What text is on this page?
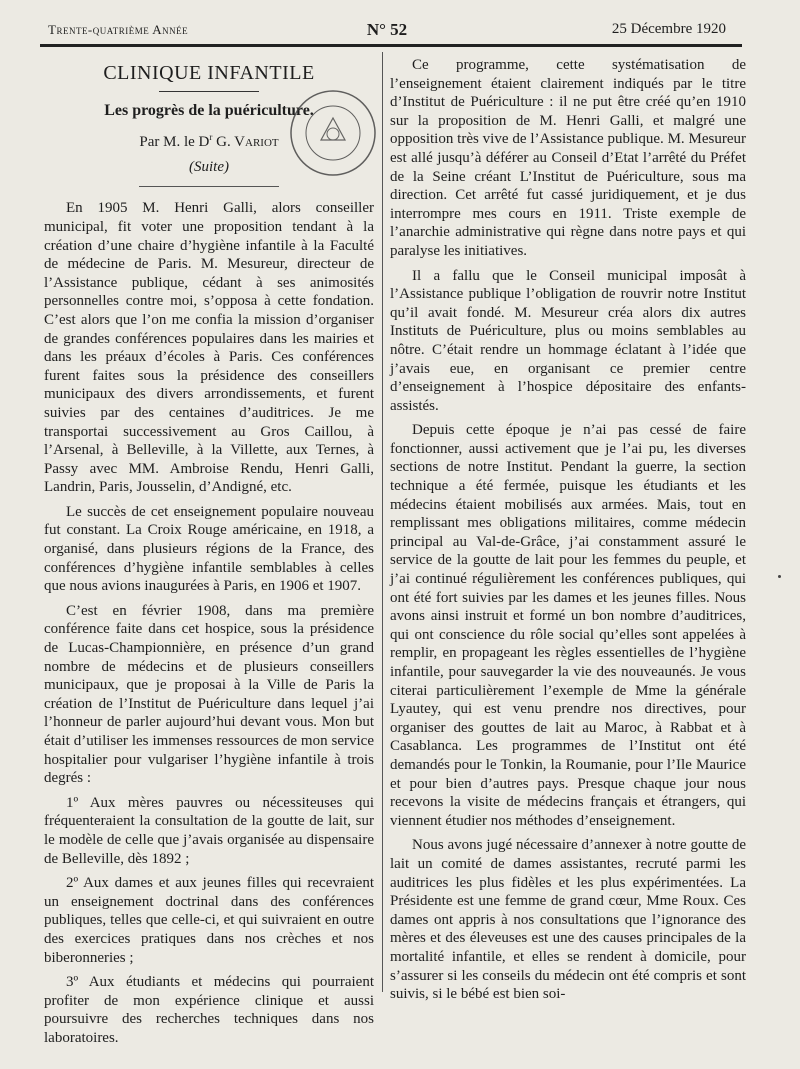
Trente-quatrième Année	N° 52	25 Décembre 1920
CLINIQUE INFANTILE
Les progrès de la puériculture.
Par M. le $D^r$ G. Variot
(Suite)

En 1905 M. Henri Galli, alors conseiller municipal, fit voter une proposition tendant à la création d’une chaire d’hygiène infantile à la Faculté de médecine de Paris. M. Mesureur, directeur de l’Assistance publique, cédant à ses animosités personnelles contre moi, s’opposa à cette fondation. C’est alors que l’on me confia la mission d’organiser de grandes conférences populaires dans les mairies et dans les préaux d’écoles à Paris. Ces conférences furent faites sous la présidence des conseillers municipaux des divers arrondissements, et furent suivies par des centaines d’auditrices. Je me transportai successivement au Gros Caillou, à l’Arsenal, à Belleville, à la Villette, aux Ternes, à Passy avec MM. Ambroise Rendu, Henri Galli, Landrin, Paris, Jousselin, d’Andigné, etc.

Le succès de cet enseignement populaire nouveau fut constant. La Croix Rouge américaine, en 1918, a organisé, dans plusieurs régions de la France, des conférences d’hygiène infantile semblables à celles que nous avions inaugurées à Paris, en 1906 et 1907.

C’est en février 1908, dans ma première conférence faite dans cet hospice, sous la présidence de Lucas-Championnière, en présence d’un grand nombre de médecins et de plusieurs conseillers municipaux, que je proposai à la Ville de Paris la création de l’Institut de Puériculture dans lequel j’ai l’honneur de parler aujourd’hui devant vous. Mon but était d’utiliser les immenses ressources de mon service hospitalier pour vulgariser l’hygiène infantile à trois degrés :

1º Aux mères pauvres ou nécessiteuses qui fréquenteraient la consultation de la goutte de lait, sur le modèle de celle que j’avais organisée au dispensaire de Belleville, dès 1892 ;

2º Aux dames et aux jeunes filles qui recevraient un enseignement doctrinal dans des conférences publiques, telles que celle-ci, et qui suivraient en outre des exercices pratiques dans nos crèches et nos biberonneries ;

3º Aux étudiants et médecins qui pourraient profiter de mon expérience clinique et aussi poursuivre des recherches techniques dans nos laboratoires.

Ce programme, cette systématisation de l’enseignement étaient clairement indiqués par le titre d’Institut de Puériculture : il ne put être créé qu’en 1910 sur la proposition de M. Henri Galli, et malgré une opposition très vive de l’Assistance publique. M. Mesureur est allé jusqu’à déférer au Conseil d’Etat l’arrêté du Préfet de la Seine créant L’Institut de Puériculture, sous ma direction. Cet arrêté fut cassé juridiquement, et je dus interrompre mes cours en 1911. Triste exemple de l’anarchie administrative qui règne dans notre pays et qui paralyse les initiatives.

Il a fallu que le Conseil municipal imposât à l’Assistance publique l’obligation de rouvrir notre Institut qu’il avait fondé. M. Mesureur créa alors dix autres Instituts de Puériculture, plus ou moins semblables au nôtre. C’était rendre un hommage éclatant à l’idée que j’avais eue, en organisant ce premier centre d’enseignement à l’hospice dépositaire des enfants-assistés.

Depuis cette époque je n’ai pas cessé de faire fonctionner, aussi activement que je l’ai pu, les diverses sections de notre Institut. Pendant la guerre, la section technique a été fermée, puisque les étudiants et les médecins étaient mobilisés aux armées. Mais, tout en remplissant mes obligations militaires, comme médecin principal au Val-de-Grâce, j’ai constamment assuré le service de la goutte de lait pour les femmes du peuple, et j’ai continué régulièrement les conférences publiques, qui ont été fort suivies par les dames et les jeunes filles. Nous avons ainsi instruit et formé un bon nombre d’auditrices, qui ont conscience du rôle social qu’elles sont appelées à remplir, en propageant les règles essentielles de l’hygiène infantile, pour sauvegarder la vie des nouveaunés. Je vous citerai particulièrement l’exemple de Mme la générale Lyautey, qui est venu prendre nos directives, pour organiser des gouttes de lait au Maroc, à Rabbat et à Casablanca. Les programmes de l’Institut ont été demandés pour le Tonkin, la Roumanie, pour l’Ile Maurice et pour bien d’autres pays. Presque chaque jour nous recevons la visite de médecins français et étrangers, qui viennent étudier nos méthodes d’enseignement.

Nous avons jugé nécessaire d’annexer à notre goutte de lait un comité de dames assistantes, recruté parmi les auditrices les plus fidèles et les plus expérimentées. La Présidente est une femme de grand cœur, Mme Roux. Ces dames ont appris à nos consultations que l’ignorance des mères et des éleveuses est une des causes principales de la mortalité infantile, et elles se rendent à domicile, pour s’assurer si les conseils du médecin ont été compris et sont suivis, si le bébé est bien soi-
